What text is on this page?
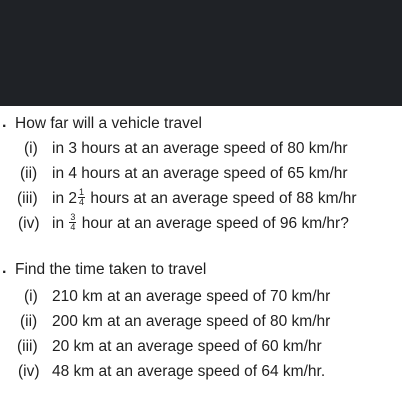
. How far will a vehicle travel
(i) in 3 hours at an average speed of 80 km/hr
(ii) in 4 hours at an average speed of 65 km/hr
(iii) in $2 \frac{1}{4}$ hours at an average speed of 88 km/hr
(iv) in $\frac{3}{4}$ hour at an average speed of 96 km/hr?
. Find the time taken to travel
(i) 210 km at an average speed of 70 km/hr
(ii) 200 km at an average speed of 80 km/hr
(iii) 20 km at an average speed of 60 km/hr
(iv) 48 km at an average speed of 64 km/hr.
